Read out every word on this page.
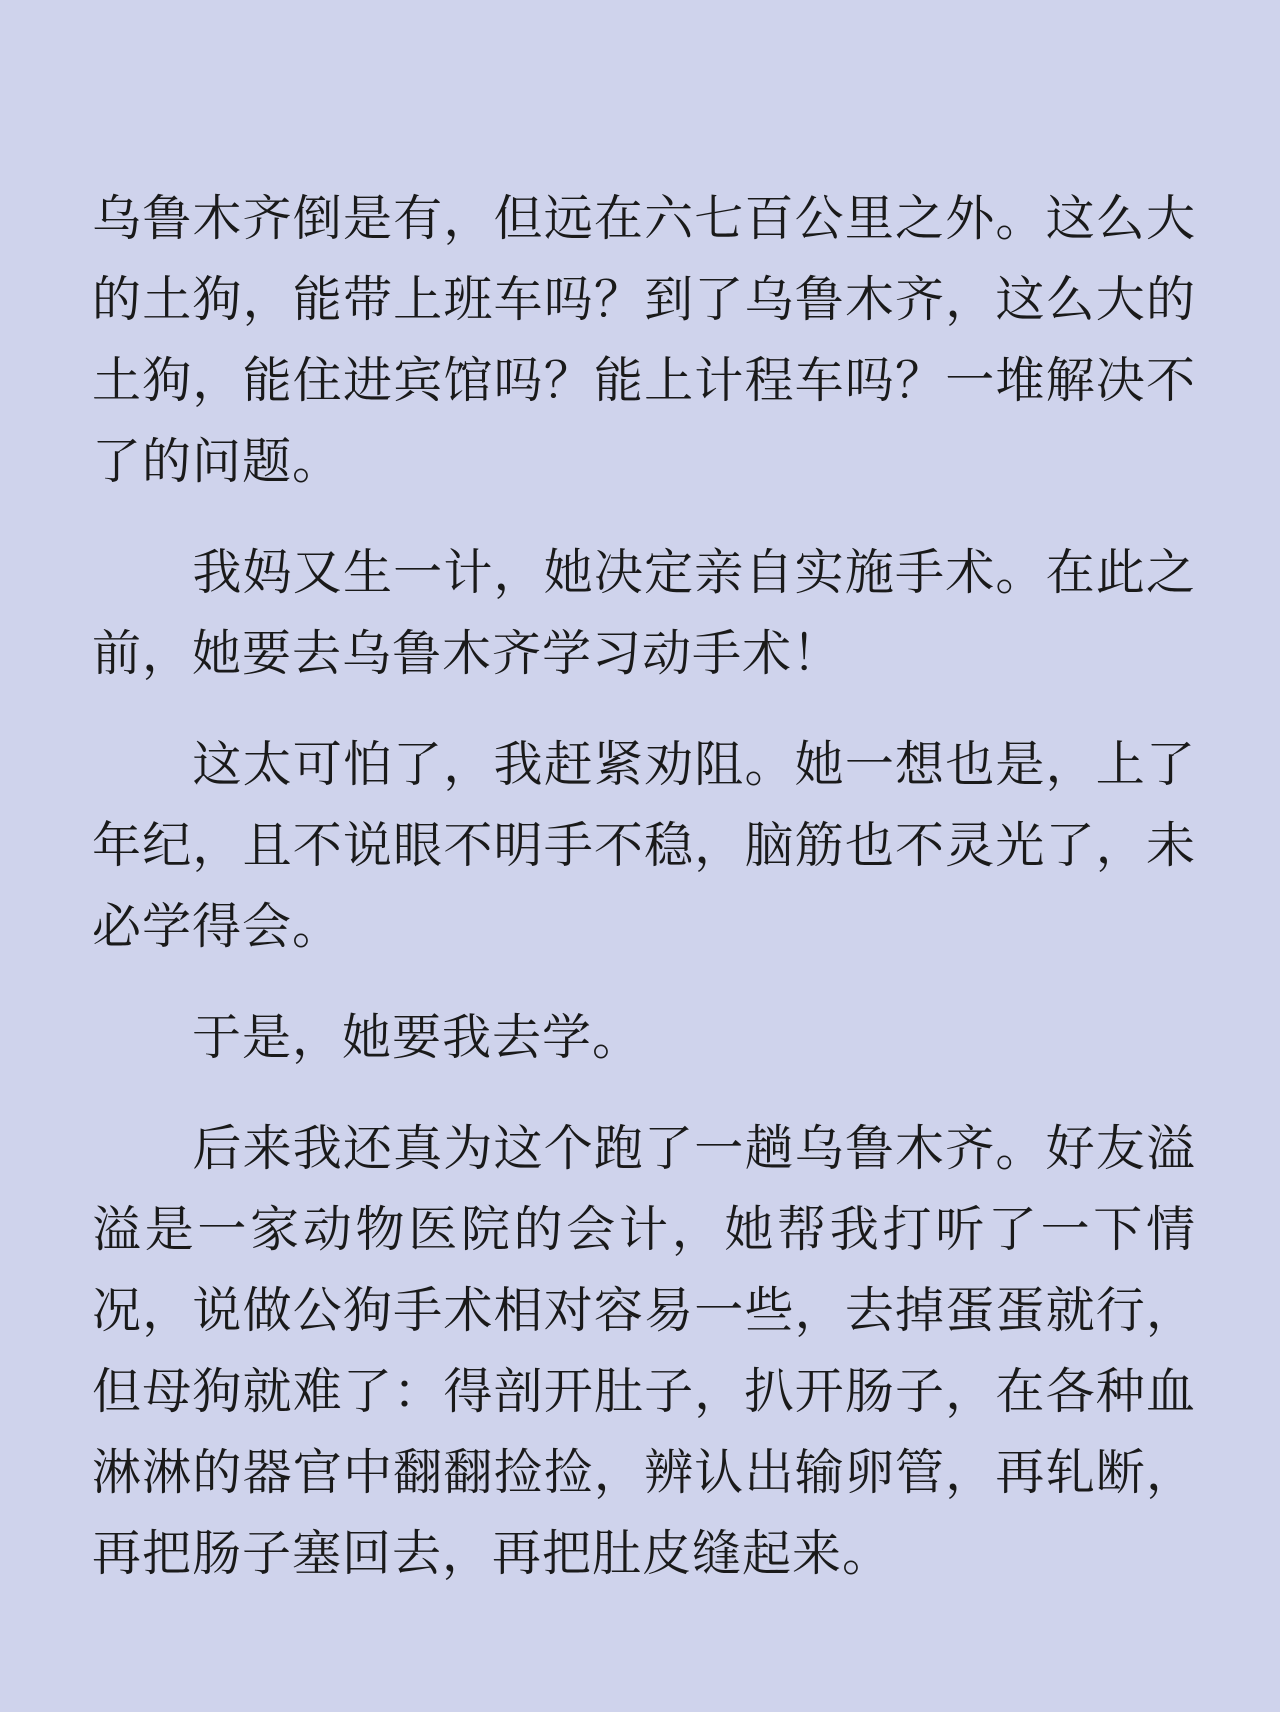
乌鲁木齐倒是有，但远在六七百公里之外。这么大的土狗，能带上班车吗？到了乌鲁木齐，这么大的土狗，能住进宾馆吗？能上计程车吗？一堆解决不了的问题。

　　我妈又生一计，她决定亲自实施手术。在此之前，她要去乌鲁木齐学习动手术！

　　这太可怕了，我赶紧劝阻。她一想也是，上了年纪，且不说眼不明手不稳，脑筋也不灵光了，未必学得会。

　　于是，她要我去学。

　　后来我还真为这个跑了一趟乌鲁木齐。好友溢溢是一家动物医院的会计，她帮我打听了一下情况，说做公狗手术相对容易一些，去掉蛋蛋就行，但母狗就难了：得剖开肚子，扒开肠子，在各种血淋淋的器官中翻翻捡捡，辨认出输卵管，再轧断，再把肠子塞回去，再把肚皮缝起来。
